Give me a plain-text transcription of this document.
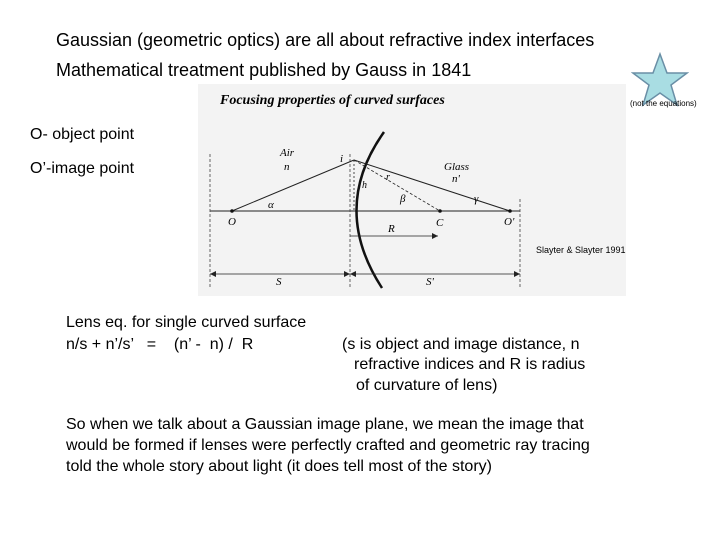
Gaussian (geometric optics) are all about refractive index interfaces
Mathematical treatment published by Gauss in 1841
(not the equations)
O- object point
O’-image point
Focusing properties of curved surfaces
Air
n	Glass
n'
i
h
r
α	β	γ
C
O	O'
R
S	S'
Slayter & Slayter 1991
Lens eq. for single curved surface
n/s + n’/s’   =    (n’ -  n) /  R	(s is object and image distance, n
refractive indices and R is radius
of curvature of lens)
So when we talk about a Gaussian image plane, we mean the image that
would be formed if lenses were perfectly crafted and geometric ray tracing
told the whole story about light (it does tell most of the story)
